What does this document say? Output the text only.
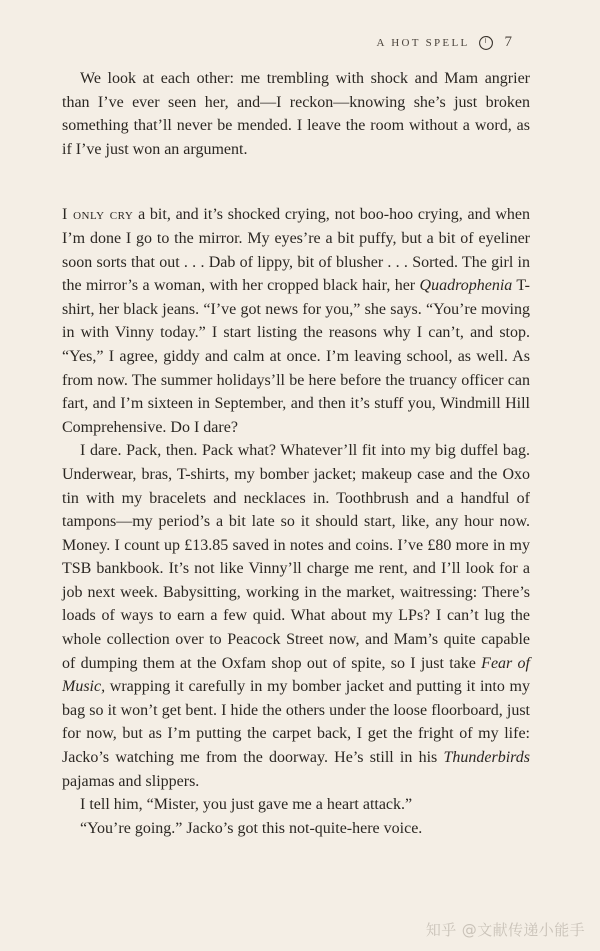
A HOT SPELL 7

We look at each other: me trembling with shock and Mam angrier than I’ve ever seen her, and—I reckon—knowing she’s just broken something that’ll never be mended. I leave the room without a word, as if I’ve just won an argument.

I only cry a bit, and it’s shocked crying, not boo-hoo crying, and when I’m done I go to the mirror. My eyes’re a bit puffy, but a bit of eyeliner soon sorts that out . . . Dab of lippy, bit of blusher . . . Sorted. The girl in the mirror’s a woman, with her cropped black hair, her Quadrophenia T-shirt, her black jeans. “I’ve got news for you,” she says. “You’re moving in with Vinny today.” I start listing the reasons why I can’t, and stop. “Yes,” I agree, giddy and calm at once. I’m leaving school, as well. As from now. The summer holidays’ll be here before the truancy officer can fart, and I’m sixteen in September, and then it’s stuff you, Windmill Hill Comprehensive. Do I dare?

I dare. Pack, then. Pack what? Whatever’ll fit into my big duffel bag. Underwear, bras, T-shirts, my bomber jacket; makeup case and the Oxo tin with my bracelets and necklaces in. Toothbrush and a handful of tampons—my period’s a bit late so it should start, like, any hour now. Money. I count up £13.85 saved in notes and coins. I’ve £80 more in my TSB bankbook. It’s not like Vinny’ll charge me rent, and I’ll look for a job next week. Babysitting, working in the market, waitressing: There’s loads of ways to earn a few quid. What about my LPs? I can’t lug the whole collection over to Peacock Street now, and Mam’s quite capable of dumping them at the Oxfam shop out of spite, so I just take Fear of Music, wrapping it carefully in my bomber jacket and putting it into my bag so it won’t get bent. I hide the others under the loose floorboard, just for now, but as I’m putting the carpet back, I get the fright of my life: Jacko’s watching me from the doorway. He’s still in his Thunderbirds pajamas and slippers.

I tell him, “Mister, you just gave me a heart attack.”

“You’re going.” Jacko’s got this not-quite-here voice.

知乎 @文献传递小能手
